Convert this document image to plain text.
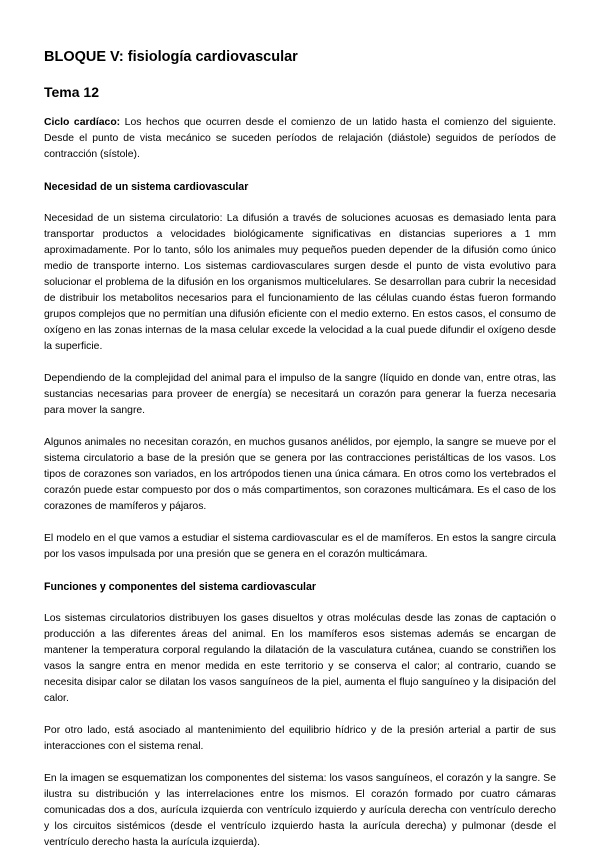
BLOQUE V: fisiología cardiovascular
Tema 12

Ciclo cardíaco: Los hechos que ocurren desde el comienzo de un latido hasta el comienzo del siguiente. Desde el punto de vista mecánico se suceden períodos de relajación (diástole) seguidos de períodos de contracción (sístole).

Necesidad de un sistema cardiovascular

Necesidad de un sistema circulatorio: La difusión a través de soluciones acuosas es demasiado lenta para transportar productos a velocidades biológicamente significativas en distancias superiores a 1 mm aproximadamente. Por lo tanto, sólo los animales muy pequeños pueden depender de la difusión como único medio de transporte interno. Los sistemas cardiovasculares surgen desde el punto de vista evolutivo para solucionar el problema de la difusión en los organismos multicelulares. Se desarrollan para cubrir la necesidad de distribuir los metabolitos necesarios para el funcionamiento de las células cuando éstas fueron formando grupos complejos que no permitían una difusión eficiente con el medio externo. En estos casos, el consumo de oxígeno en las zonas internas de la masa celular excede la velocidad a la cual puede difundir el oxígeno desde la superficie.

Dependiendo de la complejidad del animal para el impulso de la sangre (líquido en donde van, entre otras, las sustancias necesarias para proveer de energía) se necesitará un corazón para generar la fuerza necesaria para mover la sangre.

Algunos animales no necesitan corazón, en muchos gusanos anélidos, por ejemplo, la sangre se mueve por el sistema circulatorio a base de la presión que se genera por las contracciones peristálticas de los vasos. Los tipos de corazones son variados, en los artrópodos tienen una única cámara. En otros como los vertebrados el corazón puede estar compuesto por dos o más compartimentos, son corazones multicámara. Es el caso de los corazones de mamíferos y pájaros.

El modelo en el que vamos a estudiar el sistema cardiovascular es el de mamíferos. En estos la sangre circula por los vasos impulsada por una presión que se genera en el corazón multicámara.

Funciones y componentes del sistema cardiovascular

Los sistemas circulatorios distribuyen los gases disueltos y otras moléculas desde las zonas de captación o producción a las diferentes áreas del animal. En los mamíferos esos sistemas además se encargan de mantener la temperatura corporal regulando la dilatación de la vasculatura cutánea, cuando se constriñen los vasos la sangre entra en menor medida en este territorio y se conserva el calor; al contrario, cuando se necesita disipar calor se dilatan los vasos sanguíneos de la piel, aumenta el flujo sanguíneo y la disipación del calor.

Por otro lado, está asociado al mantenimiento del equilibrio hídrico y de la presión arterial a partir de sus interacciones con el sistema renal.

En la imagen se esquematizan los componentes del sistema: los vasos sanguíneos, el corazón y la sangre. Se ilustra su distribución y las interrelaciones entre los mismos. El corazón formado por cuatro cámaras comunicadas dos a dos, aurícula izquierda con ventrículo izquierdo y aurícula derecha con ventrículo derecho y los circuitos sistémicos (desde el ventrículo izquierdo hasta la aurícula derecha) y pulmonar (desde el ventrículo derecho hasta la aurícula izquierda).
